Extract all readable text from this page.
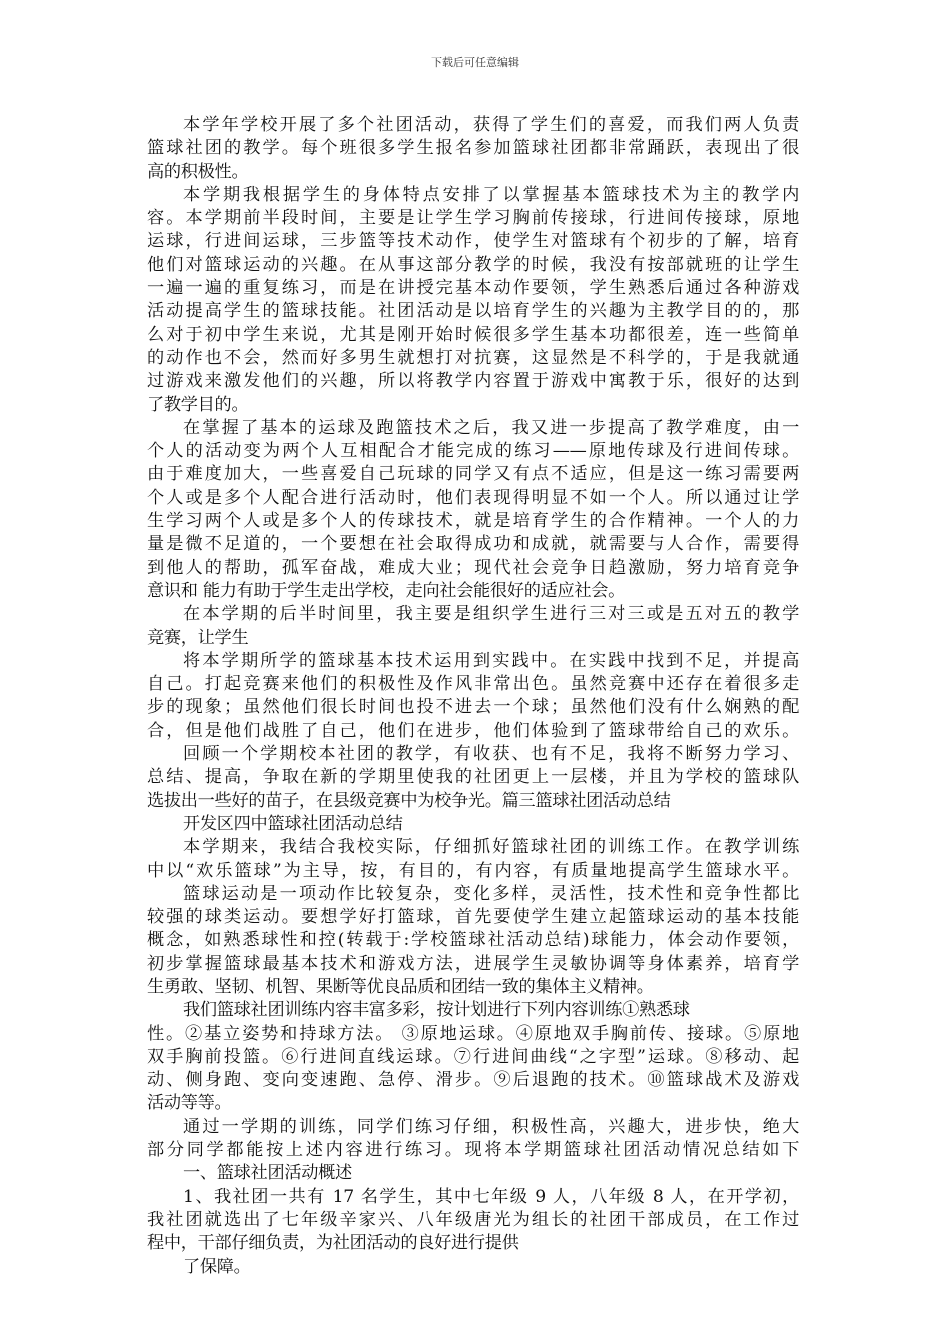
下载后可任意编辑
本学年学校开展了多个社团活动，获得了学生们的喜爱，而我们两人负责
篮球社团的教学。每个班很多学生报名参加篮球社团都非常踊跃，表现出了很
高的积极性。
本学期我根据学生的身体特点安排了以掌握基本篮球技术为主的教学内
容。本学期前半段时间，主要是让学生学习胸前传接球，行进间传接球，原地
运球，行进间运球，三步篮等技术动作，使学生对篮球有个初步的了解，培育
他们对篮球运动的兴趣。在从事这部分教学的时候，我没有按部就班的让学生
一遍一遍的重复练习，而是在讲授完基本动作要领，学生熟悉后通过各种游戏
活动提高学生的篮球技能。社团活动是以培育学生的兴趣为主教学目的的，那
么对于初中学生来说，尤其是刚开始时候很多学生基本功都很差，连一些简单
的动作也不会，然而好多男生就想打对抗赛，这显然是不科学的，于是我就通
过游戏来激发他们的兴趣，所以将教学内容置于游戏中寓教于乐，很好的达到
了教学目的。
在掌握了基本的运球及跑篮技术之后，我又进一步提高了教学难度，由一
个人的活动变为两个人互相配合才能完成的练习——原地传球及行进间传球。
由于难度加大，一些喜爱自己玩球的同学又有点不适应，但是这一练习需要两
个人或是多个人配合进行活动时，他们表现得明显不如一个人。所以通过让学
生学习两个人或是多个人的传球技术，就是培育学生的合作精神。一个人的力
量是微不足道的，一个要想在社会取得成功和成就，就需要与人合作，需要得
到他人的帮助，孤军奋战，难成大业；现代社会竞争日趋激励，努力培育竞争
意识和 能力有助于学生走出学校，走向社会能很好的适应社会。
在本学期的后半时间里，我主要是组织学生进行三对三或是五对五的教学
竞赛，让学生
将本学期所学的篮球基本技术运用到实践中。在实践中找到不足，并提高
自己。打起竞赛来他们的积极性及作风非常出色。虽然竞赛中还存在着很多走
步的现象；虽然他们很长时间也投不进去一个球；虽然他们没有什么娴熟的配
合，但是他们战胜了自己，他们在进步，他们体验到了篮球带给自己的欢乐。
回顾一个学期校本社团的教学，有收获、也有不足，我将不断努力学习、
总结、提高，争取在新的学期里使我的社团更上一层楼，并且为学校的篮球队
选拔出一些好的苗子，在县级竞赛中为校争光。篇三篮球社团活动总结
开发区四中篮球社团活动总结
本学期来，我结合我校实际，仔细抓好篮球社团的训练工作。在教学训练
中以“欢乐篮球”为主导，按，有目的，有内容，有质量地提高学生篮球水平。
篮球运动是一项动作比较复杂，变化多样，灵活性，技术性和竞争性都比
较强的球类运动。要想学好打篮球，首先要使学生建立起篮球运动的基本技能
概念，如熟悉球性和控(转载于:学校篮球社活动总结)球能力，体会动作要领，
初步掌握篮球最基本技术和游戏方法，进展学生灵敏协调等身体素养，培育学
生勇敢、坚韧、机智、果断等优良品质和团结一致的集体主义精神。
我们篮球社团训练内容丰富多彩，按计划进行下列内容训练①熟悉球
性。②基立姿势和持球方法。 ③原地运球。④原地双手胸前传、接球。⑤原地
双手胸前投篮。⑥行进间直线运球。⑦行进间曲线“之字型”运球。⑧移动、起
动、侧身跑、变向变速跑、急停、滑步。⑨后退跑的技术。⑩篮球战术及游戏
活动等等。
通过一学期的训练，同学们练习仔细，积极性高，兴趣大，进步快，绝大
部分同学都能按上述内容进行练习。现将本学期篮球社团活动情况总结如下
一、篮球社团活动概述
1、我社团一共有 17 名学生，其中七年级 9 人，八年级 8 人，在开学初，
我社团就选出了七年级辛家兴、八年级唐光为组长的社团干部成员，在工作过
程中，干部仔细负责，为社团活动的良好进行提供
了保障。
